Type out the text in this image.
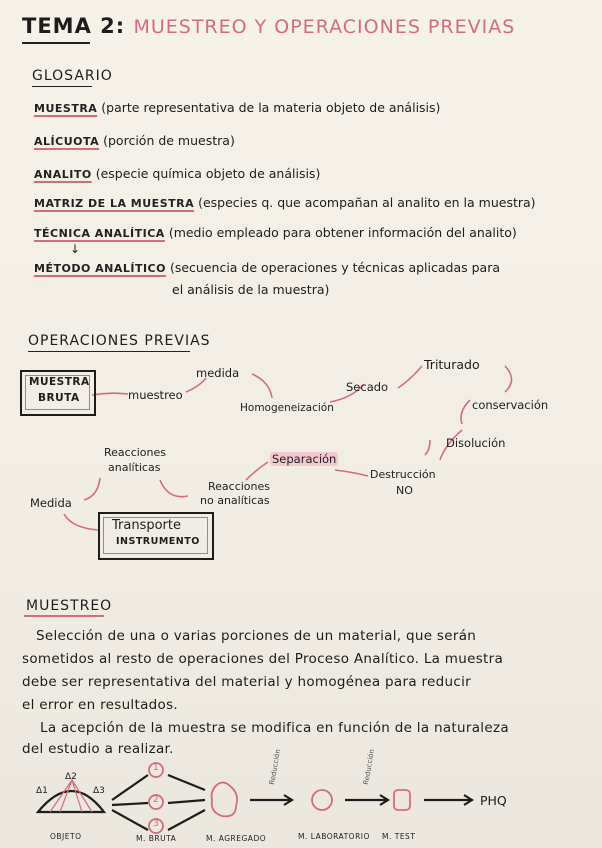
TEMA 2: MUESTREO Y OPERACIONES PREVIAS
GLOSARIO
MUESTRA (parte representativa de la materia objeto de análisis)
ALÍCUOTA (porción de muestra)
ANALITO (especie química objeto de análisis)
MATRIZ DE LA MUESTRA (especies q. que acompañan al analito en la muestra)
TÉCNICA ANALÍTICA (medio empleado para obtener información del analito)
MÉTODO ANALÍTICO (secuencia de operaciones y técnicas aplicadas para
el análisis de la muestra)
↓
OPERACIONES PREVIAS
MUESTRA
BRUTA	muestreo
medida
Homogeneización
Secado
Triturado
conservación
Disolución
Destrucción
NO
Separación
Reacciones
no analíticas
Reacciones
analíticas
Medida
Transporte
INSTRUMENTO
MUESTREO
Selección de una o varias porciones de un material, que serán
sometidos al resto de operaciones del Proceso Analítico. La muestra
debe ser representativa del material y homogénea para reducir
el error en resultados.
La acepción de la muestra se modifica en función de la naturaleza
del estudio a realizar.
Δ1
Δ2
Δ3
1
2
3
Reducción	Reducción
PHQ
OBJETO	M. BRUTA	M. AGREGADO	M. LABORATORIO M. TEST
